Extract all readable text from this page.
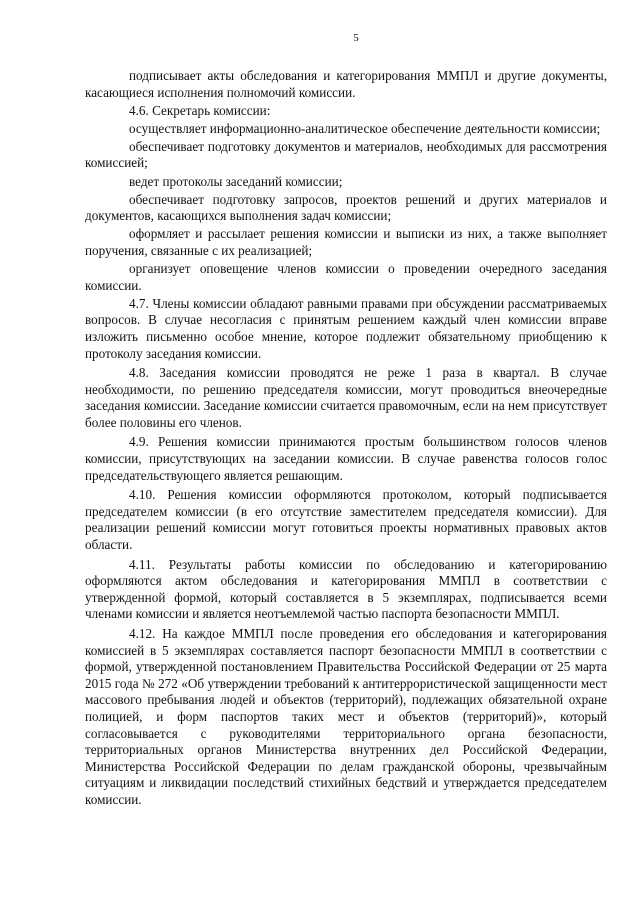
5

подписывает акты обследования и категорирования ММПЛ и другие документы, касающиеся исполнения полномочий комиссии.

4.6. Секретарь комиссии:

осуществляет информационно-аналитическое обеспечение деятельности комиссии;

обеспечивает подготовку документов и материалов, необходимых для рассмотрения комиссией;

ведет протоколы заседаний комиссии;

обеспечивает подготовку запросов, проектов решений и других материалов и документов, касающихся выполнения задач комиссии;

оформляет и рассылает решения комиссии и выписки из них, а также выполняет поручения, связанные с их реализацией;

организует оповещение членов комиссии о проведении очередного заседания комиссии.

4.7. Члены комиссии обладают равными правами при обсуждении рассматриваемых вопросов. В случае несогласия с принятым решением каждый член комиссии вправе изложить письменно особое мнение, которое подлежит обязательному приобщению к протоколу заседания комиссии.

4.8. Заседания комиссии проводятся не реже 1 раза в квартал. В случае необходимости, по решению председателя комиссии, могут проводиться внеочередные заседания комиссии. Заседание комиссии считается правомочным, если на нем присутствует более половины его членов.

4.9. Решения комиссии принимаются простым большинством голосов членов комиссии, присутствующих на заседании комиссии. В случае равенства голосов голос председательствующего является решающим.

4.10. Решения комиссии оформляются протоколом, который подписывается председателем комиссии (в его отсутствие заместителем председателя комиссии). Для реализации решений комиссии могут готовиться проекты нормативных правовых актов области.

4.11. Результаты работы комиссии по обследованию и категорированию оформляются актом обследования и категорирования ММПЛ в соответствии с утвержденной формой, который составляется в 5 экземплярах, подписывается всеми членами комиссии и является неотъемлемой частью паспорта безопасности ММПЛ.

4.12. На каждое ММПЛ после проведения его обследования и категорирования комиссией в 5 экземплярах составляется паспорт безопасности ММПЛ в соответствии с формой, утвержденной постановлением Правительства Российской Федерации от 25 марта 2015 года № 272 «Об утверждении требований к антитеррористической защищенности мест массового пребывания людей и объектов (территорий), подлежащих обязательной охране полицией, и форм паспортов таких мест и объектов (территорий)», который согласовывается с руководителями территориального органа безопасности, территориальных органов Министерства внутренних дел Российской Федерации, Министерства Российской Федерации по делам гражданской обороны, чрезвычайным ситуациям и ликвидации последствий стихийных бедствий и утверждается председателем комиссии.
